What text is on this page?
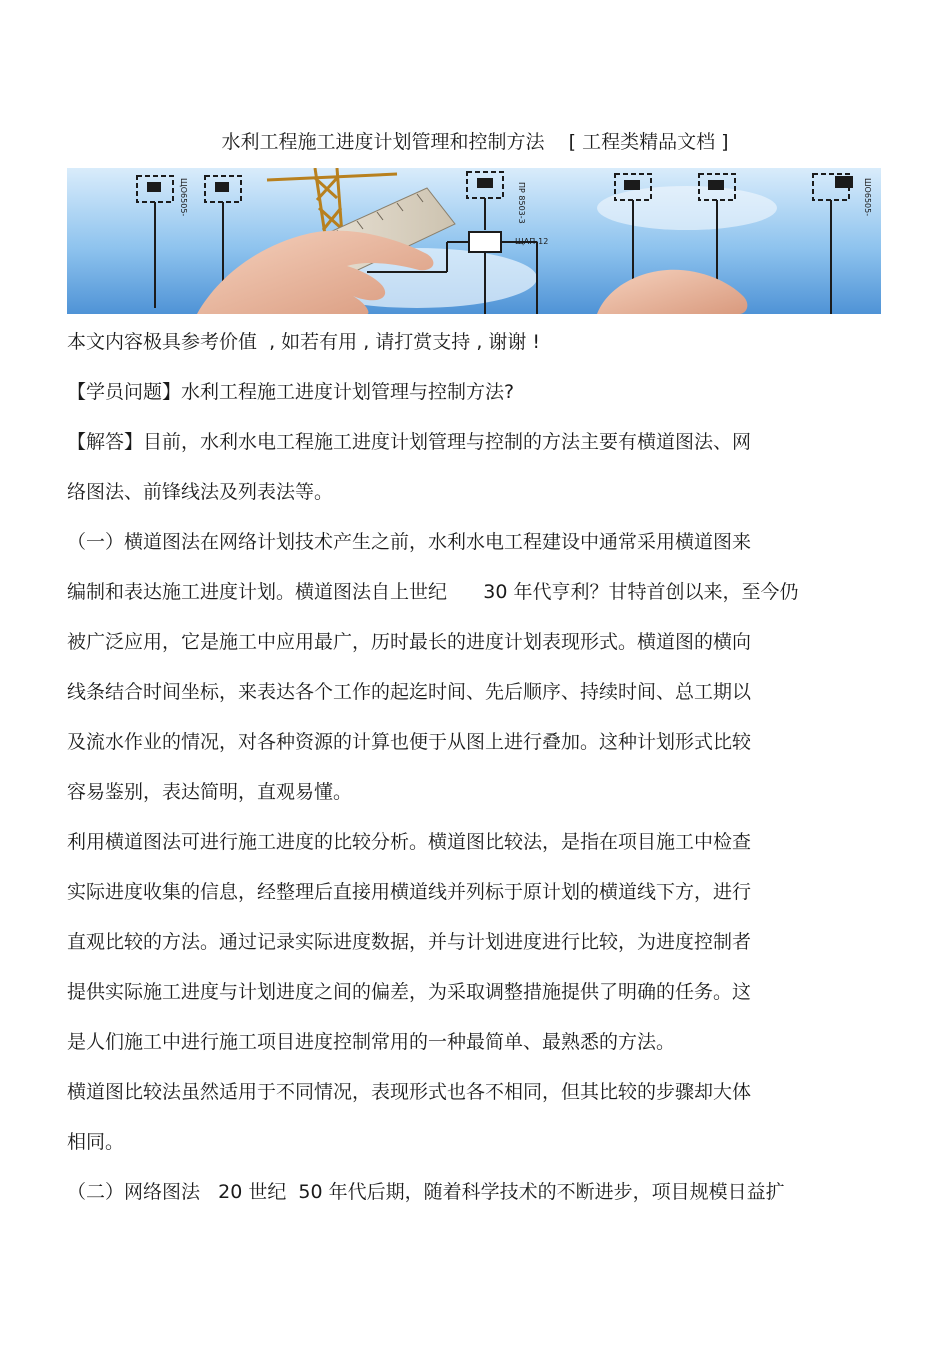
水利工程施工进度计划管理和控制方法    [ 工程类精品文档 ]
ЩО6505-	ПР 8503-3
ЩАП-12
ШО6505-
本文内容极具参考价值  , 如若有用 , 请打赏支持 , 谢谢 !
【学员问题】水利工程施工进度计划管理与控制方法?
【解答】目前，水利水电工程施工进度计划管理与控制的方法主要有横道图法、网
络图法、前锋线法及列表法等。
（一）横道图法在网络计划技术产生之前，水利水电工程建设中通常采用横道图来
编制和表达施工进度计划。横道图法自上世纪      30 年代亨利？甘特首创以来，至今仍
被广泛应用，它是施工中应用最广，历时最长的进度计划表现形式。横道图的横向
线条结合时间坐标，来表达各个工作的起迄时间、先后顺序、持续时间、总工期以
及流水作业的情况，对各种资源的计算也便于从图上进行叠加。这种计划形式比较
容易鉴别，表达简明，直观易懂。
利用横道图法可进行施工进度的比较分析。横道图比较法，是指在项目施工中检查
实际进度收集的信息，经整理后直接用横道线并列标于原计划的横道线下方，进行
直观比较的方法。通过记录实际进度数据，并与计划进度进行比较，为进度控制者
提供实际施工进度与计划进度之间的偏差，为采取调整措施提供了明确的任务。这
是人们施工中进行施工项目进度控制常用的一种最简单、最熟悉的方法。
横道图比较法虽然适用于不同情况，表现形式也各不相同，但其比较的步骤却大体
相同。
（二）网络图法   20 世纪  50 年代后期，随着科学技术的不断进步，项目规模日益扩
